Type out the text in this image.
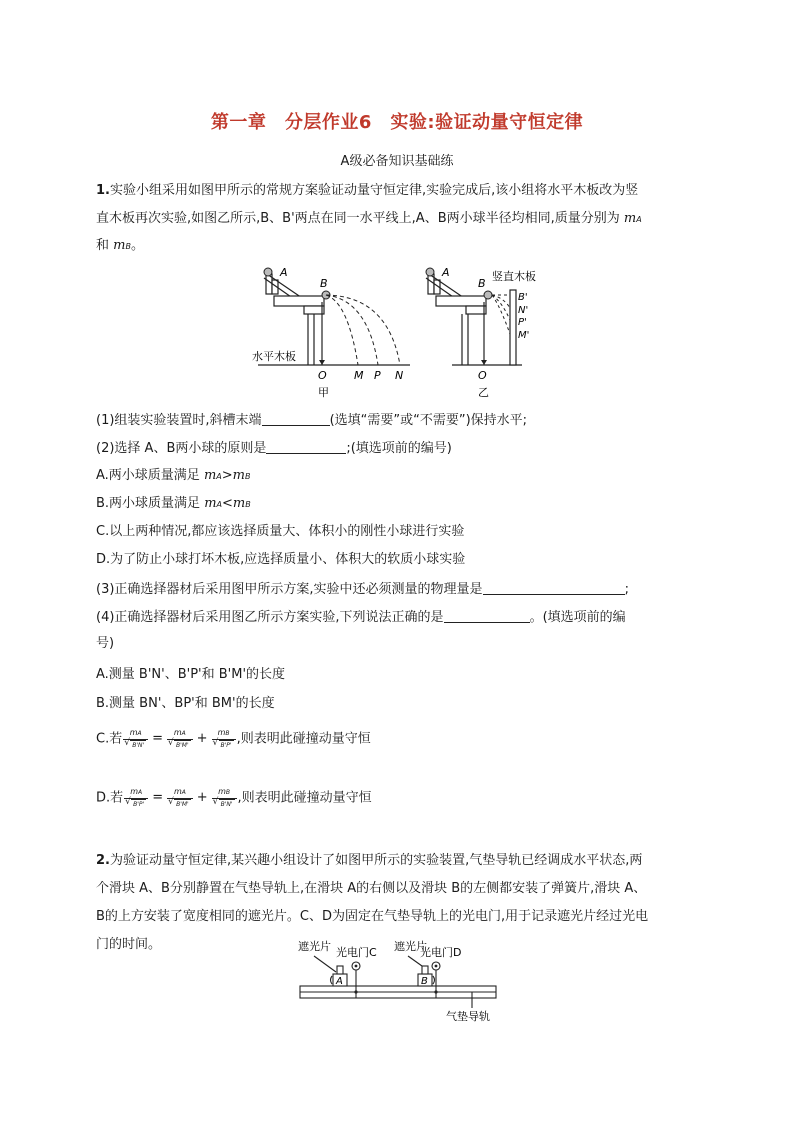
第一章　分层作业6　实验:验证动量守恒定律
A级必备知识基础练
1.实验小组采用如图甲所示的常规方案验证动量守恒定律,实验完成后,该小组将水平木板改为竖
直木板再次实验,如图乙所示,B、B'两点在同一水平线上,A、B两小球半径均相同,质量分别为 mA
和 mB。
A
B
水平木板
O M P N
甲
A
B
竖直木板
B'
N'
P'
M'
O
乙
(1)组装实验装置时,斜槽末端	(选填“需要”或“不需要”)保持水平;
(2)选择 A、B两小球的原则是	;(填选项前的编号)
A.两小球质量满足 mA>mB
B.两小球质量满足 mA<mB
C.以上两种情况,都应该选择质量大、体积小的刚性小球进行实验
D.为了防止小球打坏木板,应选择质量小、体积大的软质小球实验
(3)正确选择器材后采用图甲所示方案,实验中还必须测量的物理量是	;
(4)正确选择器材后采用图乙所示方案实验,下列说法正确的是	。(填选项前的编
号)
A.测量 B'N'、B'P'和 B'M'的长度
B.测量 BN'、BP'和 BM'的长度
C.若 mA
√ B'N' = mA
√ B'M' + mB
√ B'P' ,则表明此碰撞动量守恒
D.若 mA
√ B'P' = mA
√ B'M' + mB
√ B'N' ,则表明此碰撞动量守恒
2.为验证动量守恒定律,某兴趣小组设计了如图甲所示的实验装置,气垫导轨已经调成水平状态,两
个滑块 A、B分别静置在气垫导轨上,在滑块 A的右侧以及滑块 B的左侧都安装了弹簧片,滑块 A、
B的上方安装了宽度相同的遮光片。C、D为固定在气垫导轨上的光电门,用于记录遮光片经过光电
门的时间。	遮光片 光电门C 遮光片
光电门D
A	B
气垫导轨
